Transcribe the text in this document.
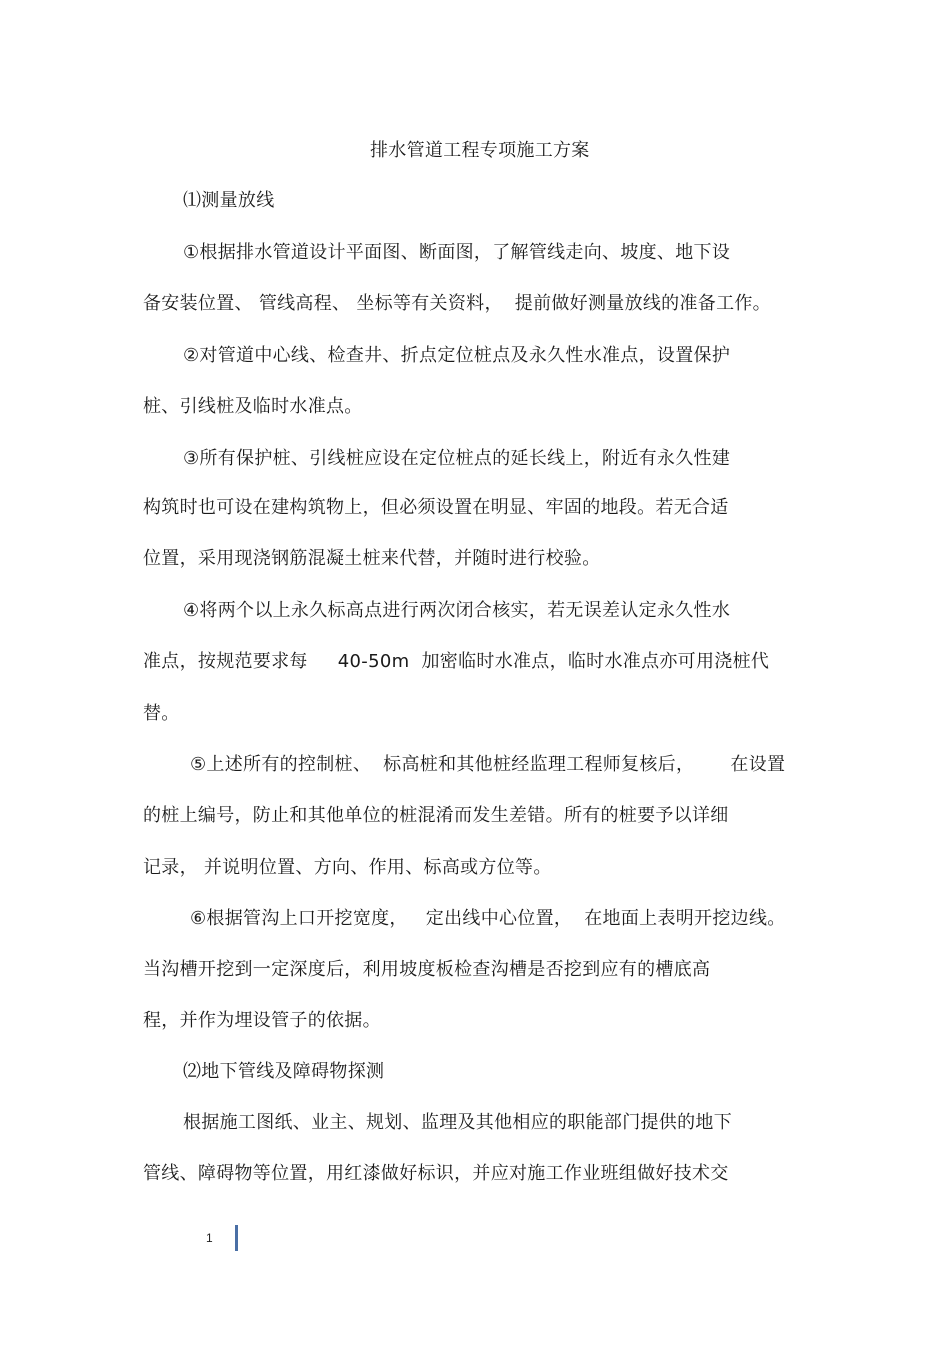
排水管道工程专项施工方案
⑴测量放线
①根据排水管道设计平面图、断面图，了解管线走向、坡度、地下设
备安装位置、 管线高程、 坐标等有关资料，  提前做好测量放线的准备工作。
②对管道中心线、检查井、折点定位桩点及永久性水准点，设置保护
桩、引线桩及临时水准点。
③所有保护桩、引线桩应设在定位桩点的延长线上，附近有永久性建
构筑时也可设在建构筑物上，但必须设置在明显、牢固的地段。若无合适
位置，采用现浇钢筋混凝土桩来代替，并随时进行校验。
④将两个以上永久标高点进行两次闭合核实，若无误差认定永久性水
准点，按规范要求每     40-50m  加密临时水准点，临时水准点亦可用浇桩代
替。
⑤上述所有的控制桩、  标高桩和其他桩经监理工程师复核后，      在设置
的桩上编号，防止和其他单位的桩混淆而发生差错。所有的桩要予以详细
记录， 并说明位置、方向、作用、标高或方位等。
⑥根据管沟上口开挖宽度，   定出线中心位置，  在地面上表明开挖边线。
当沟槽开挖到一定深度后，利用坡度板检查沟槽是否挖到应有的槽底高
程，并作为埋设管子的依据。
⑵地下管线及障碍物探测
根据施工图纸、业主、规划、监理及其他相应的职能部门提供的地下
管线、障碍物等位置，用红漆做好标识，并应对施工作业班组做好技术交
1
